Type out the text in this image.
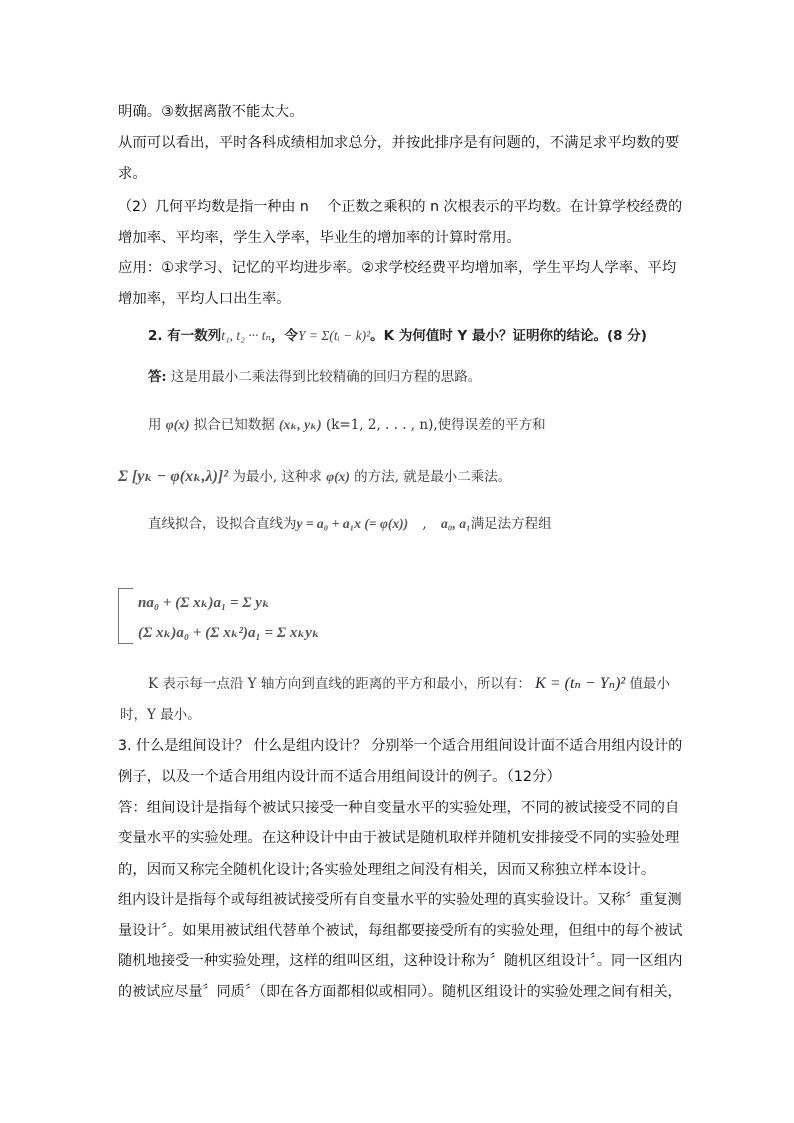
明确。③数据离散不能太大。
从而可以看出，平时各科成绩相加求总分，并按此排序是有问题的，不满足求平均数的要
求。
（2）几何平均数是指一种由 n　 个正数之乘积的 n 次根表示的平均数。在计算学校经费的
增加率、平均率，学生入学率，毕业生的增加率的计算时常用。
应用：①求学习、记忆的平均进步率。②求学校经费平均增加率，学生平均人学率、平均
增加率，平均人口出生率。
2. 有一数列t₁, t₂ ··· tₙ，令Y = Σ(tᵢ − k)²。K 为何值时 Y 最小？证明你的结论。(8 分)
答: 这是用最小二乘法得到比较精确的回归方程的思路。
用 φ(x) 拟合已知数据 (xₖ, yₖ) (k=1, 2, . . . , n),使得误差的平方和
Σ [yₖ − φ(xₖ,λ)]² 为最小, 这种求 φ(x) 的方法, 就是最小二乘法。
直线拟合，设拟合直线为y = a₀ + a₁x (= φ(x)) , a₀, a₁满足法方程组
na₀ + (Σ xₖ)a₁ = Σ yₖ
(Σ xₖ)a₀ + (Σ xₖ²)a₁ = Σ xₖyₖ
K 表示每一点沿 Y 轴方向到直线的距离的平方和最小，所以有： K = (tₙ − Yₙ)² 值最小
时，Y 最小。
3. 什么是组间设计？ 什么是组内设计？ 分别举一个适合用组间设计面不适合用组内设计的
例子，以及一个适合用组内设计而不适合用组间设计的例子。（12分）
答：组间设计是指每个被试只接受一种自变量水平的实验处理，不同的被试接受不同的自
变量水平的实验处理。在这种设计中由于被试是随机取样并随机安排接受不同的实验处理
的，因而又称完全随机化设计;各实验处理组之间没有相关，因而又称独立样本设计。
组内设计是指每个或每组被试接受所有自变量水平的实验处理的真实验设计。又称〞重复测
量设计〞。如果用被试组代替单个被试，每组都要接受所有的实验处理，但组中的每个被试
随机地接受一种实验处理，这样的组叫区组，这种设计称为〞随机区组设计〞。同一区组内
的被试应尽量〞同质〞（即在各方面都相似或相同）。随机区组设计的实验处理之间有相关，
